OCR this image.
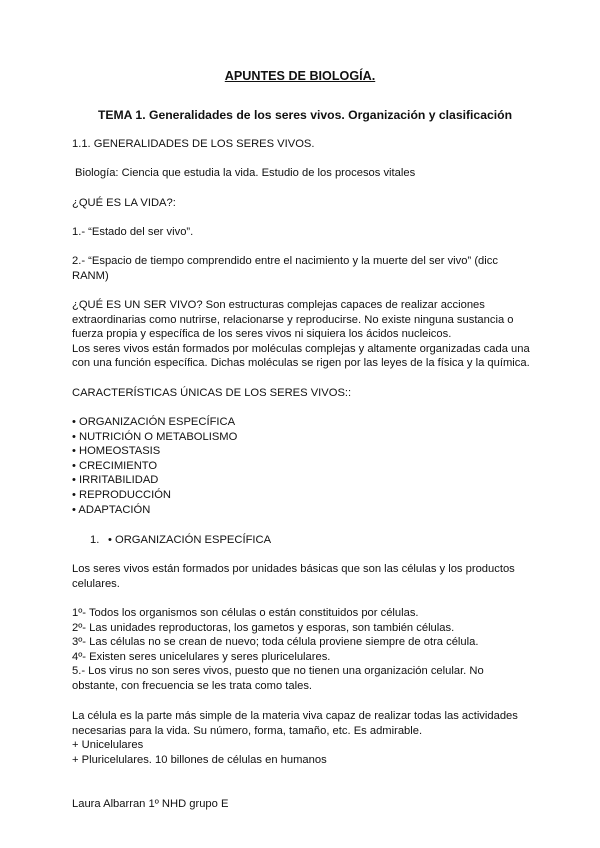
APUNTES DE BIOLOGÍA.
TEMA 1. Generalidades de los seres vivos. Organización y clasificación
1.1. GENERALIDADES DE LOS SERES VIVOS.
Biología: Ciencia que estudia la vida. Estudio de los procesos vitales
¿QUÉ ES LA VIDA?:
1.- “Estado del ser vivo”.
2.- “Espacio de tiempo comprendido entre el nacimiento y la muerte del ser vivo” (dicc
RANM)
¿QUÉ ES UN SER VIVO? Son estructuras complejas capaces de realizar acciones
extraordinarias como nutrirse, relacionarse y reproducirse. No existe ninguna sustancia o
fuerza propia y específica de los seres vivos ni siquiera los ácidos nucleicos.
Los seres vivos están formados por moléculas complejas y altamente organizadas cada una
con una función específica. Dichas moléculas se rigen por las leyes de la física y la química.
CARACTERÍSTICAS ÚNICAS DE LOS SERES VIVOS::
• ORGANIZACIÓN ESPECÍFICA
• NUTRICIÓN O METABOLISMO
• HOMEOSTASIS
• CRECIMIENTO
• IRRITABILIDAD
• REPRODUCCIÓN
• ADAPTACIÓN
1. • ORGANIZACIÓN ESPECÍFICA
Los seres vivos están formados por unidades básicas que son las células y los productos
celulares.
1º- Todos los organismos son células o están constituidos por células.
2º- Las unidades reproductoras, los gametos y esporas, son también células.
3º- Las células no se crean de nuevo; toda célula proviene siempre de otra célula.
4º- Existen seres unicelulares y seres pluricelulares.
5.- Los virus no son seres vivos, puesto que no tienen una organización celular. No
obstante, con frecuencia se les trata como tales.
La célula es la parte más simple de la materia viva capaz de realizar todas las actividades
necesarias para la vida. Su número, forma, tamaño, etc. Es admirable.
+ Unicelulares
+ Pluricelulares. 10 billones de células en humanos
Laura Albarran 1º NHD grupo E
